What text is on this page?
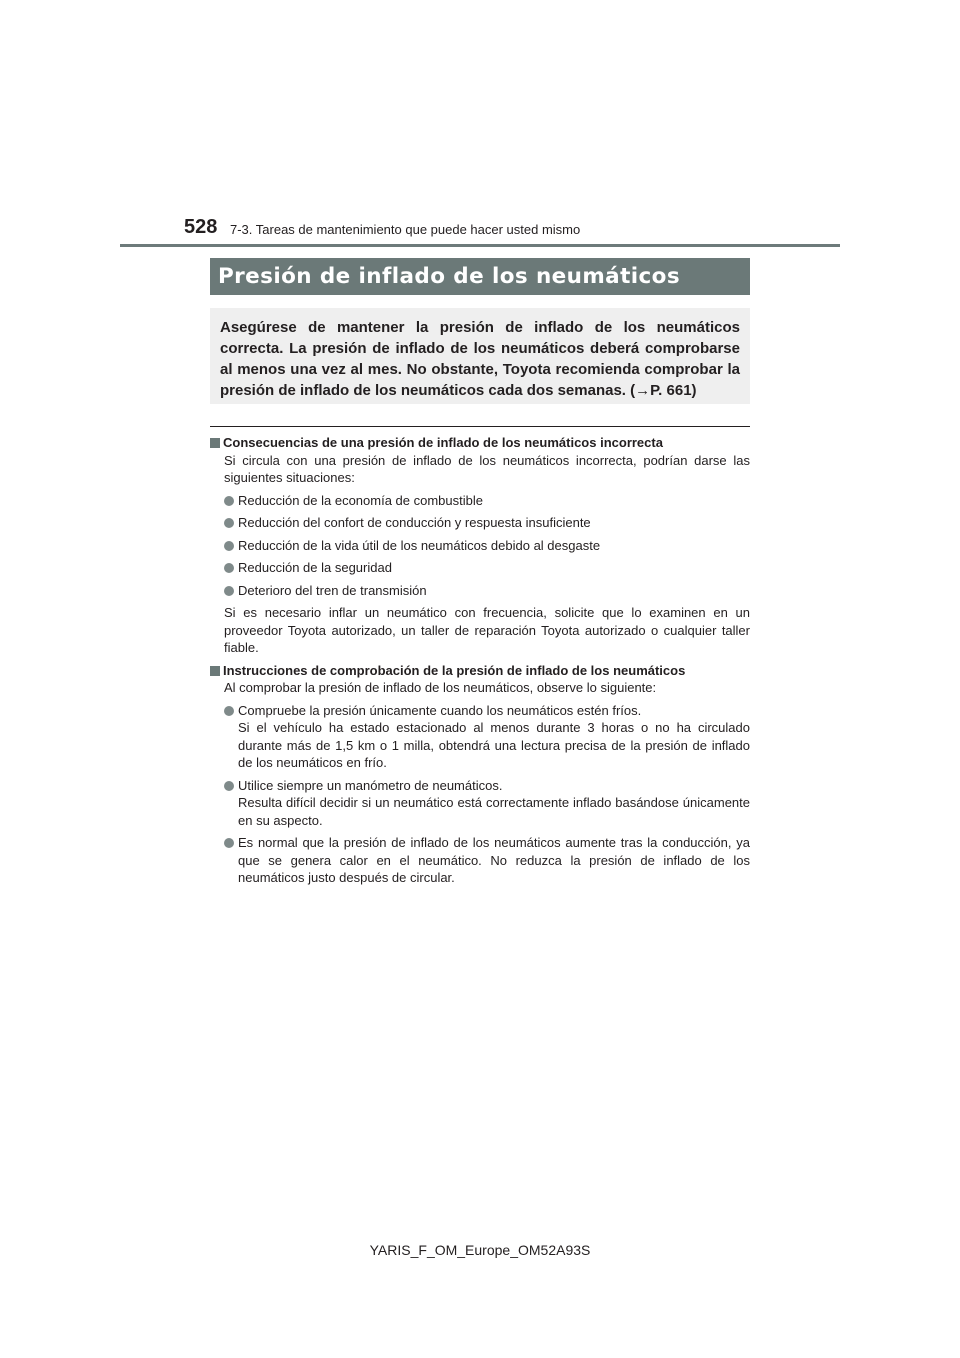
528 7-3. Tareas de mantenimiento que puede hacer usted mismo
Presión de inflado de los neumáticos
Asegúrese de mantener la presión de inflado de los neumáticos correcta. La presión de inflado de los neumáticos deberá comprobarse al menos una vez al mes. No obstante, Toyota recomienda comprobar la presión de inflado de los neumáticos cada dos semanas. (→P. 661)
Consecuencias de una presión de inflado de los neumáticos incorrecta
Si circula con una presión de inflado de los neumáticos incorrecta, podrían darse las siguientes situaciones:
Reducción de la economía de combustible
Reducción del confort de conducción y respuesta insuficiente
Reducción de la vida útil de los neumáticos debido al desgaste
Reducción de la seguridad
Deterioro del tren de transmisión
Si es necesario inflar un neumático con frecuencia, solicite que lo examinen en un proveedor Toyota autorizado, un taller de reparación Toyota autorizado o cualquier taller fiable.
Instrucciones de comprobación de la presión de inflado de los neumáticos
Al comprobar la presión de inflado de los neumáticos, observe lo siguiente:
Compruebe la presión únicamente cuando los neumáticos estén fríos.
Si el vehículo ha estado estacionado al menos durante 3 horas o no ha circulado durante más de 1,5 km o 1 milla, obtendrá una lectura precisa de la presión de inflado de los neumáticos en frío.
Utilice siempre un manómetro de neumáticos.
Resulta difícil decidir si un neumático está correctamente inflado basándose únicamente en su aspecto.
Es normal que la presión de inflado de los neumáticos aumente tras la conducción, ya que se genera calor en el neumático. No reduzca la presión de inflado de los neumáticos justo después de circular.
YARIS_F_OM_Europe_OM52A93S
